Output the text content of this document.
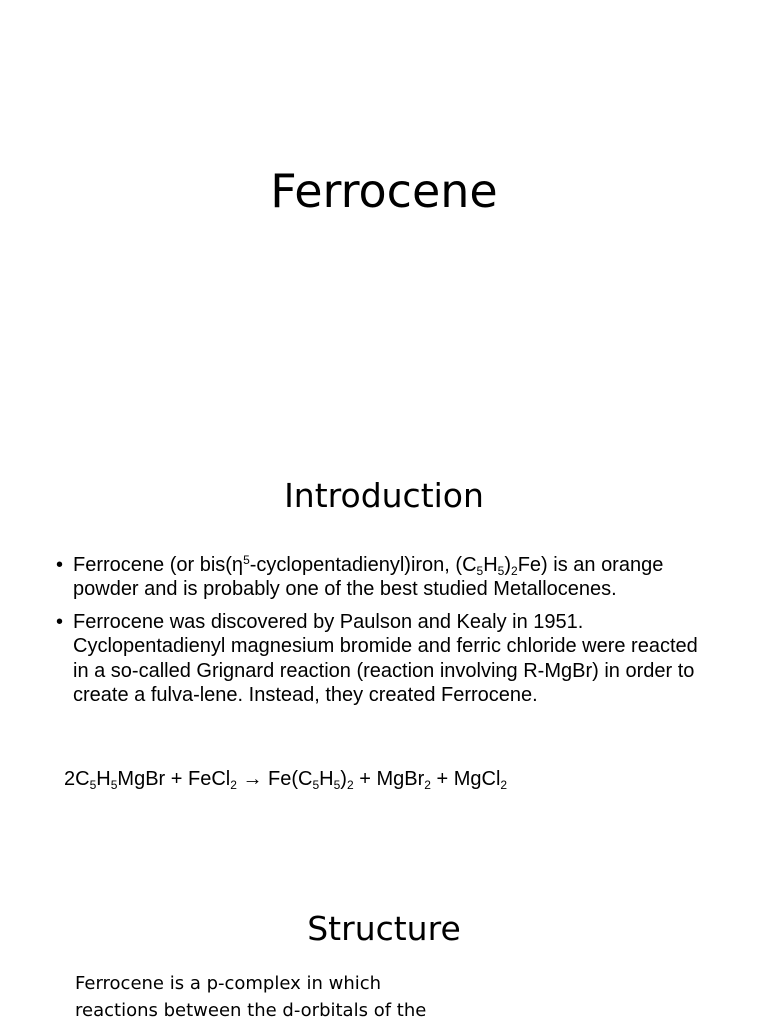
Ferrocene
Introduction
• Ferrocene (or $bis(\eta^5-cyclopentadienyl)iron$, $(C_5H_5)_2Fe$) is an orange powder and is probably one of the best studied Metallocenes.
• Ferrocene was discovered by Paulson and Kealy in 1951. Cyclopentadienyl magnesium bromide and ferric chloride were reacted in a so-called Grignard reaction (reaction involving R-MgBr) in order to create a fulva-lene. Instead, they created Ferrocene.
$2C_5H_5MgBr$ + FeCl$_2$ → $Fe(C_5H_5)_2$ + MgBr$_2$ + MgCl$_2$
Structure

Ferrocene is a p-complex in which reactions between the d-orbitals of the
